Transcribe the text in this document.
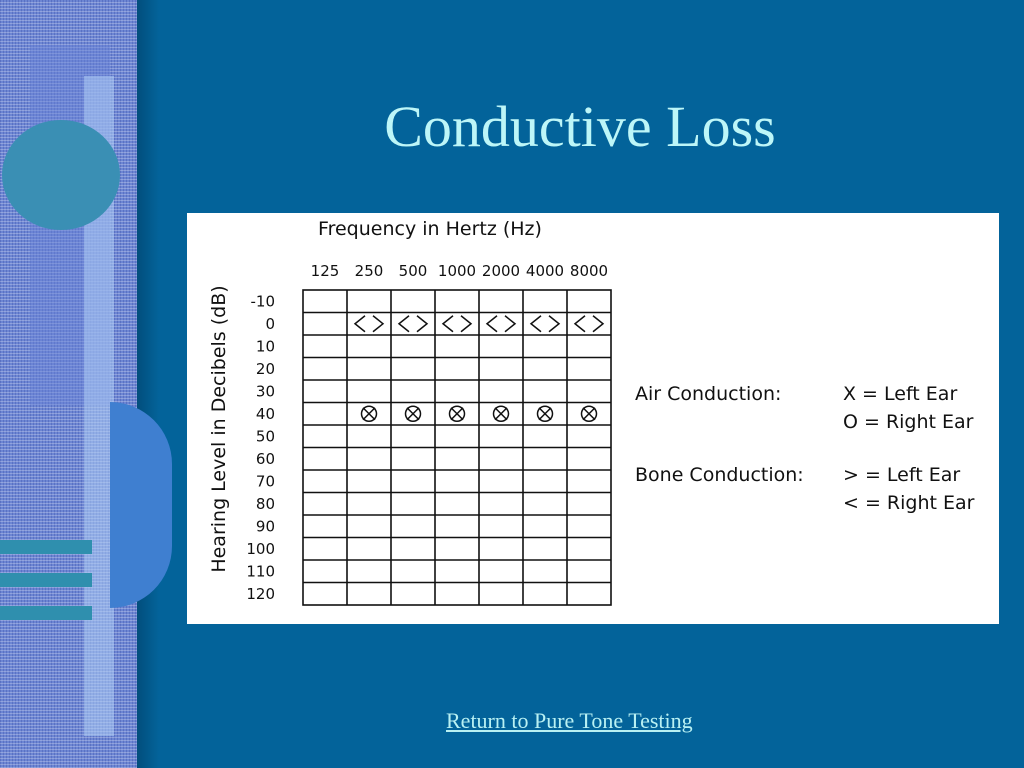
Conductive Loss
Frequency in Hertz (Hz)
Hearing Level in Decibels (dB)
125 250 500 1000 2000 4000 8000
-10
0
10
20
30
40
50
60
70
80
90
100
110
120
Air Conduction:	X = Left Ear
O = Right Ear
Bone Conduction: > = Left Ear
< = Right Ear
Return to Pure Tone Testing
